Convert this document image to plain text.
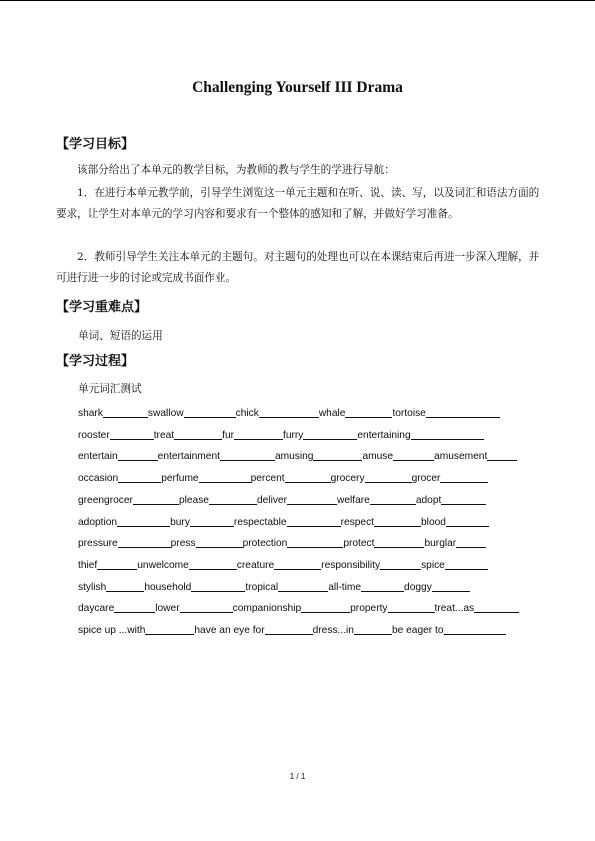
Challenging Yourself III Drama
【学习目标】
该部分给出了本单元的教学目标，为教师的教与学生的学进行导航：
1．在进行本单元教学前，引导学生浏览这一单元主题和在听、说、读、写，以及词汇和语法方面的要求，让学生对本单元的学习内容和要求有一个整体的感知和了解，并做好学习准备。
2．教师引导学生关注本单元的主题句。对主题句的处理也可以在本课结束后再进一步深入理解，并可进行进一步的讨论或完成书面作业。
【学习重难点】
单词、短语的运用
【学习过程】
单元词汇测试
shark	swallow	chick	whale	tortoise
rooster	treat	fur	furry	entertaining
entertain	entertainment	amusing	amuse	amusement
occasion	perfume	percent	grocery	grocer
greengrocer	please	deliver	welfare	adopt
adoption	bury	respectable	respect	blood
pressure	press	protection	protect	burglar
thief	unwelcome	creature	responsibility	spice
stylish	household	tropical	all-time	doggy
daycare	lower	companionship	property	treat...as
spice up ...with	have an eye for	dress...in	be eager to
1 / 1
